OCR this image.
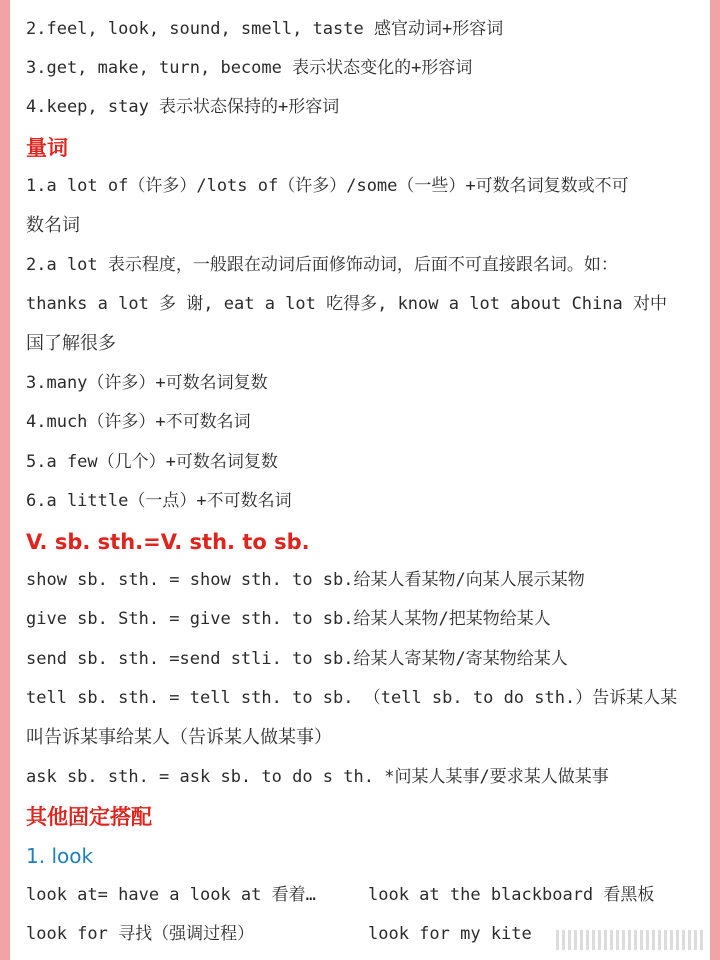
2.feel, look, sound, smell, taste 感官动词+形容词
3.get, make, turn, become 表示状态变化的+形容词
4.keep, stay 表示状态保持的+形容词
量词
1.a lot of（许多）/lots of（许多）/some（一些）+可数名词复数或不可
数名词
2.a lot 表示程度，一般跟在动词后面修饰动词，后面不可直接跟名词。如：
thanks a lot 多 谢, eat a lot 吃得多, know a lot about China 对中
国了解很多
3.many（许多）+可数名词复数
4.much（许多）+不可数名词
5.a few（几个）+可数名词复数
6.a little（一点）+不可数名词
V. sb. sth.=V. sth. to sb.
show sb. sth. = show sth. to sb.给某人看某物/向某人展示某物
give sb. Sth. = give sth. to sb.给某人某物/把某物给某人
send sb. sth. =send stli. to sb.给某人寄某物/寄某物给某人
tell sb. sth. = tell sth. to sb. （tell sb. to do sth.）告诉某人某
叫告诉某事给某人（告诉某人做某事）
ask sb. sth. = ask sb. to do s th. *问某人某事/要求某人做某事
其他固定搭配
1. look
look at= have a look at 看着…	look at the blackboard 看黑板
look for 寻找（强调过程）	look for my kite
